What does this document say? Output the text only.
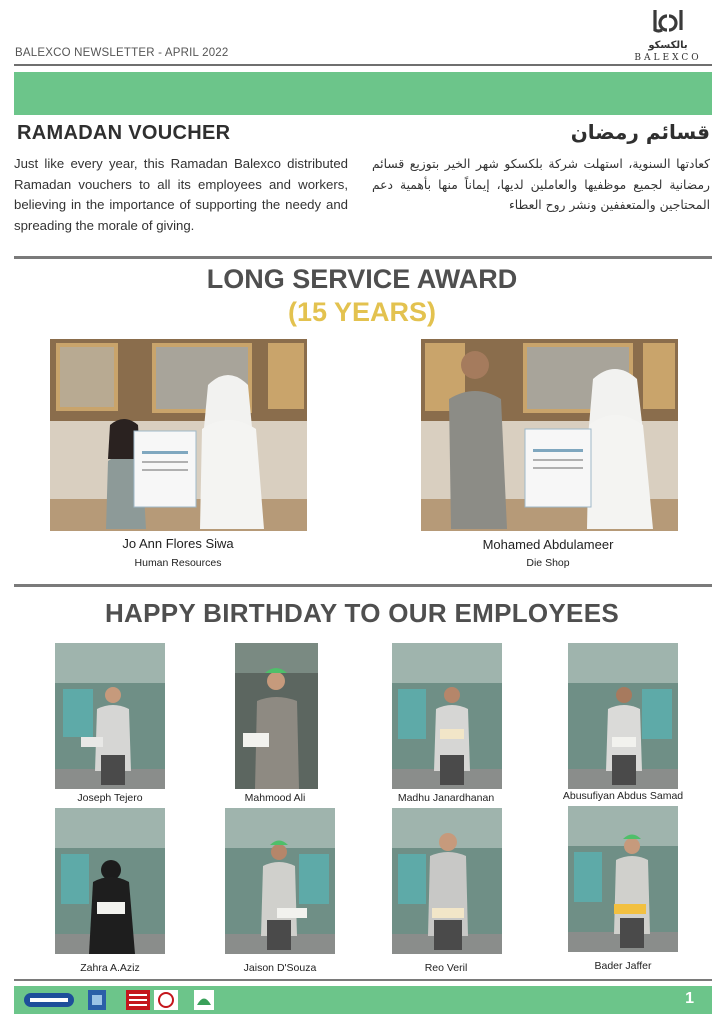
BALEXCO NEWSLETTER - APRIL 2022
بالكسكو
BALEXCO
RAMADAN VOUCHER	قسائم رمضان
Just like every year, this Ramadan Balexco distributed Ramadan vouchers to all its employees and workers, believing in the importance of supporting the needy and spreading the morale of giving.
كعادتها السنوية، استهلت شركة بلكسكو شهر الخير بتوزيع قسائم رمضانية لجميع موظفيها والعاملين لديها، إيماناً منها بأهمية دعم المحتاجين والمتعففين ونشر روح العطاء
LONG SERVICE AWARD
(15 YEARS)
Jo Ann Flores Siwa
Human Resources
Mohamed Abdulameer
Die Shop
HAPPY BIRTHDAY TO OUR EMPLOYEES
Joseph Tejero	Mahmood Ali	Madhu Janardhanan	Abusufiyan Abdus Samad
Zahra A.Aziz	Jaison D'Souza	Reo Veril	Bader Jaffer
1
